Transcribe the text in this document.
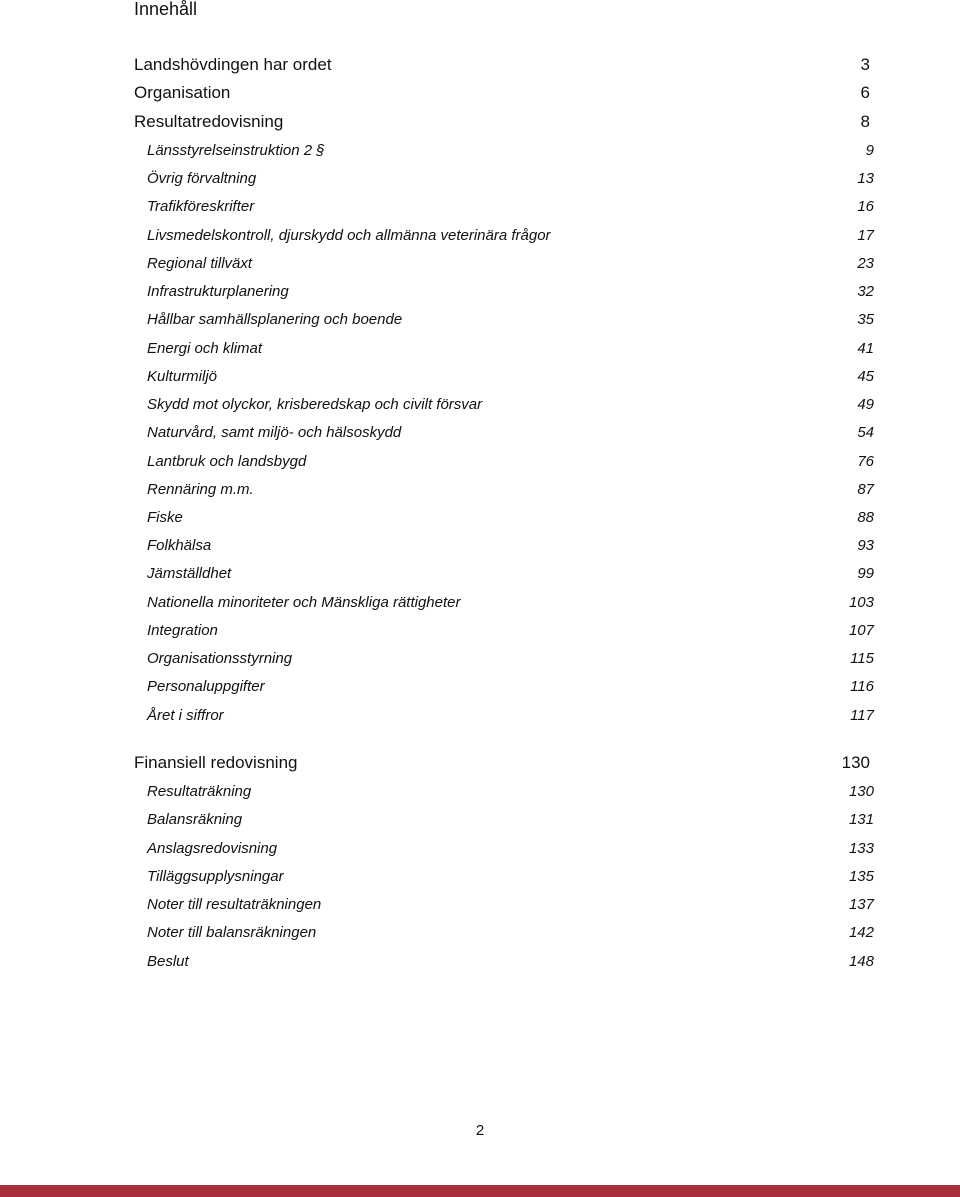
Innehåll
Landshövdingen har ordet	3
Organisation	6
Resultatredovisning	8
Länsstyrelseinstruktion 2 §	9
Övrig förvaltning	13
Trafikföreskrifter	16
Livsmedelskontroll, djurskydd och allmänna veterinära frågor	17
Regional tillväxt	23
Infrastrukturplanering	32
Hållbar samhällsplanering och boende	35
Energi och klimat	41
Kulturmiljö	45
Skydd mot olyckor, krisberedskap och civilt försvar	49
Naturvård, samt miljö- och hälsoskydd	54
Lantbruk och landsbygd	76
Rennäring m.m.	87
Fiske	88
Folkhälsa	93
Jämställdhet	99
Nationella minoriteter och Mänskliga rättigheter	103
Integration	107
Organisationsstyrning	115
Personaluppgifter	116
Året i siffror	117
Finansiell redovisning	130
Resultaträkning	130
Balansräkning	131
Anslagsredovisning	133
Tilläggsupplysningar	135
Noter till resultaträkningen	137
Noter till balansräkningen	142
Beslut	148
2
